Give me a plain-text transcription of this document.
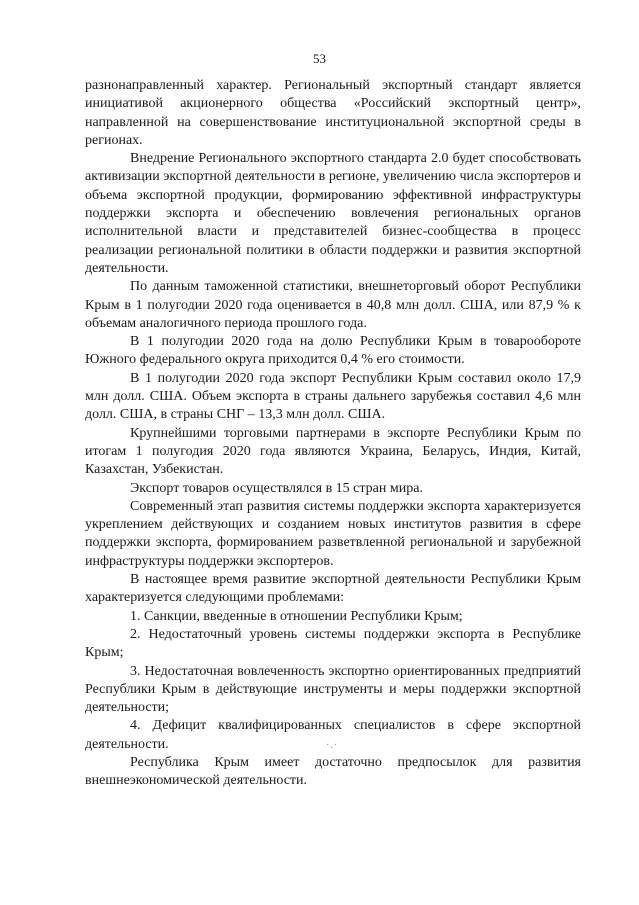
53

разнонаправленный характер. Региональный экспортный стандарт является инициативой акционерного общества «Российский экспортный центр», направленной на совершенствование институциональной экспортной среды в регионах.

Внедрение Регионального экспортного стандарта 2.0 будет способствовать активизации экспортной деятельности в регионе, увеличению числа экспортеров и объема экспортной продукции, формированию эффективной инфраструктуры поддержки экспорта и обеспечению вовлечения региональных органов исполнительной власти и представителей бизнес-сообщества в процесс реализации региональной политики в области поддержки и развития экспортной деятельности.

По данным таможенной статистики, внешнеторговый оборот Республики Крым в 1 полугодии 2020 года оценивается в 40,8 млн долл. США, или 87,9 % к объемам аналогичного периода прошлого года.

В 1 полугодии 2020 года на долю Республики Крым в товарообороте Южного федерального округа приходится 0,4 % его стоимости.

В 1 полугодии 2020 года экспорт Республики Крым составил около 17,9 млн долл. США. Объем экспорта в страны дальнего зарубежья составил 4,6 млн долл. США, в страны СНГ – 13,3 млн долл. США.

Крупнейшими торговыми партнерами в экспорте Республики Крым по итогам 1 полугодия 2020 года являются Украина, Беларусь, Индия, Китай, Казахстан, Узбекистан.

Экспорт товаров осуществлялся в 15 стран мира.

Современный этап развития системы поддержки экспорта характеризуется укреплением действующих и созданием новых институтов развития в сфере поддержки экспорта, формированием разветвленной региональной и зарубежной инфраструктуры поддержки экспортеров.

В настоящее время развитие экспортной деятельности Республики Крым характеризуется следующими проблемами:

1. Санкции, введенные в отношении Республики Крым;

2. Недостаточный уровень системы поддержки экспорта в Республике Крым;

3. Недостаточная вовлеченность экспортно ориентированных предприятий Республики Крым в действующие инструменты и меры поддержки экспортной деятельности;

4. Дефицит квалифицированных специалистов в сфере экспортной деятельности.

Республика Крым имеет достаточно предпосылок для развития внешнеэкономической деятельности.

·.·
